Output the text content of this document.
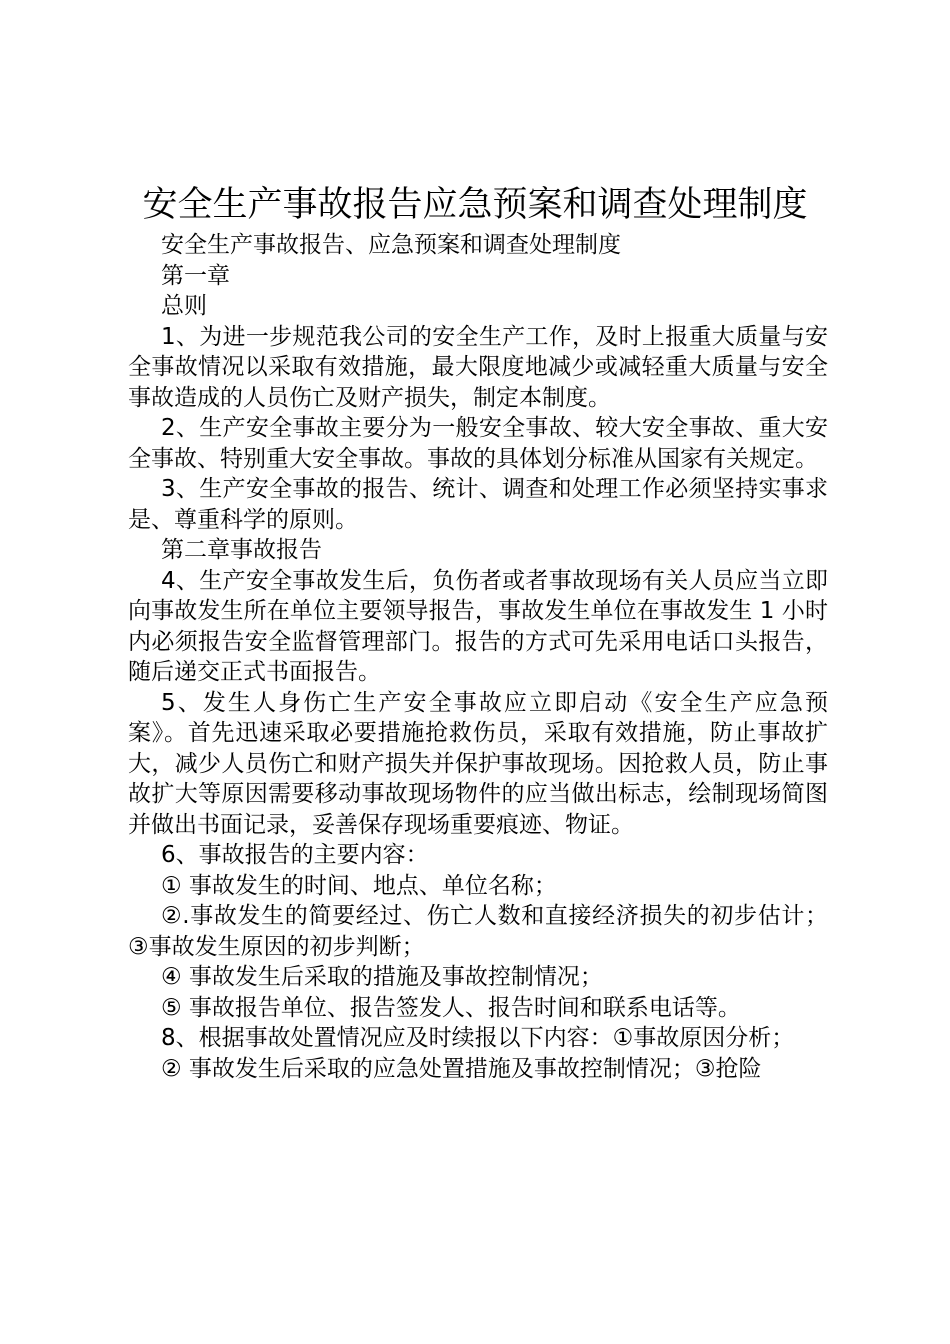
安全生产事故报告应急预案和调查处理制度

安全生产事故报告、应急预案和调查处理制度

第一章

总则

1、为进一步规范我公司的安全生产工作，及时上报重大质量与安全事故情况以采取有效措施，最大限度地减少或减轻重大质量与安全事故造成的人员伤亡及财产损失，制定本制度。

2、生产安全事故主要分为一般安全事故、较大安全事故、重大安全事故、特别重大安全事故。事故的具体划分标准从国家有关规定。

3、生产安全事故的报告、统计、调查和处理工作必须坚持实事求是、尊重科学的原则。

第二章事故报告

4、生产安全事故发生后，负伤者或者事故现场有关人员应当立即向事故发生所在单位主要领导报告，事故发生单位在事故发生 1 小时内必须报告安全监督管理部门。报告的方式可先采用电话口头报告，随后递交正式书面报告。

5、发生人身伤亡生产安全事故应立即启动《安全生产应急预案》。首先迅速采取必要措施抢救伤员，采取有效措施，防止事故扩大，减少人员伤亡和财产损失并保护事故现场。因抢救人员，防止事故扩大等原因需要移动事故现场物件的应当做出标志，绘制现场简图并做出书面记录，妥善保存现场重要痕迹、物证。

6、事故报告的主要内容：

① 事故发生的时间、地点、单位名称；

②.事故发生的简要经过、伤亡人数和直接经济损失的初步估计；③事故发生原因的初步判断；

④ 事故发生后采取的措施及事故控制情况；

⑤ 事故报告单位、报告签发人、报告时间和联系电话等。

8、根据事故处置情况应及时续报以下内容：①事故原因分析；

② 事故发生后采取的应急处置措施及事故控制情况；③抢险
